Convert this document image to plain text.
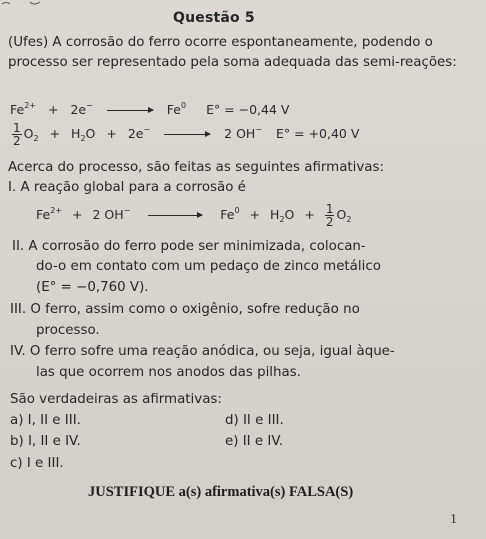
Questão 5
(Ufes) A corrosão do ferro ocorre espontaneamente, podendo o processo ser representado pela soma adequada das semi-reações:
$Fe^{2+} + 2e^- \to Fe^0$ E° = −0,44 V
$\frac{1}{2} O_2 + H_2O + 2e^- \to 2$ OH− E° = +0,40 V
Acerca do processo, são feitas as seguintes afirmativas:
I. A reação global para a corrosão é
$Fe^{2+} + 2$ OH−	$Fe^0 + H_2O + \frac{1}{2} O_2$
II. A corrosão do ferro pode ser minimizada, colocan-
do-o em contato com um pedaço de zinco metálico
(E° = −0,760 V).
III. O ferro, assim como o oxigênio, sofre redução no
processo.
IV. O ferro sofre uma reação anódica, ou seja, igual àque-
las que ocorrem nos anodos das pilhas.
São verdadeiras as afirmativas:
a) I, II e III.
b) I, II e IV.
c) I e III.
d) II e III.
e) II e IV.
JUSTIFIQUE a(s) afirmativa(s) FALSA(S)
1
